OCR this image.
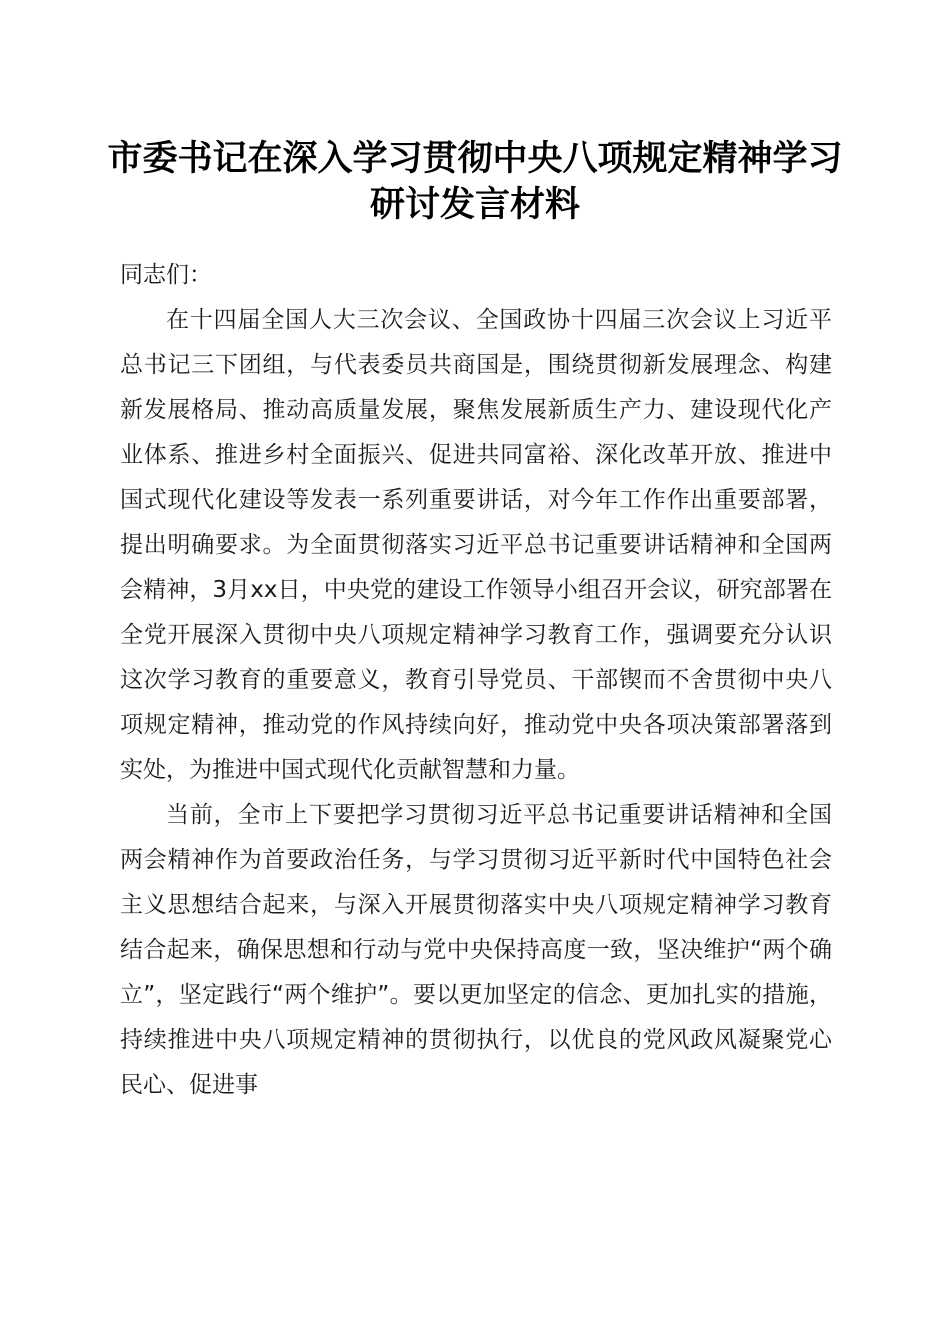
市委书记在深入学习贯彻中央八项规定精神学习研讨发言材料

同志们：

在十四届全国人大三次会议、全国政协十四届三次会议上习近平总书记三下团组，与代表委员共商国是，围绕贯彻新发展理念、构建新发展格局、推动高质量发展，聚焦发展新质生产力、建设现代化产业体系、推进乡村全面振兴、促进共同富裕、深化改革开放、推进中国式现代化建设等发表一系列重要讲话，对今年工作作出重要部署，提出明确要求。为全面贯彻落实习近平总书记重要讲话精神和全国两会精神，3月xx日，中央党的建设工作领导小组召开会议，研究部署在全党开展深入贯彻中央八项规定精神学习教育工作，强调要充分认识这次学习教育的重要意义，教育引导党员、干部锲而不舍贯彻中央八项规定精神，推动党的作风持续向好，推动党中央各项决策部署落到实处，为推进中国式现代化贡献智慧和力量。

当前，全市上下要把学习贯彻习近平总书记重要讲话精神和全国两会精神作为首要政治任务，与学习贯彻习近平新时代中国特色社会主义思想结合起来，与深入开展贯彻落实中央八项规定精神学习教育结合起来，确保思想和行动与党中央保持高度一致，坚决维护“两个确立”，坚定践行“两个维护”。要以更加坚定的信念、更加扎实的措施，持续推进中央八项规定精神的贯彻执行，以优良的党风政风凝聚党心民心、促进事
